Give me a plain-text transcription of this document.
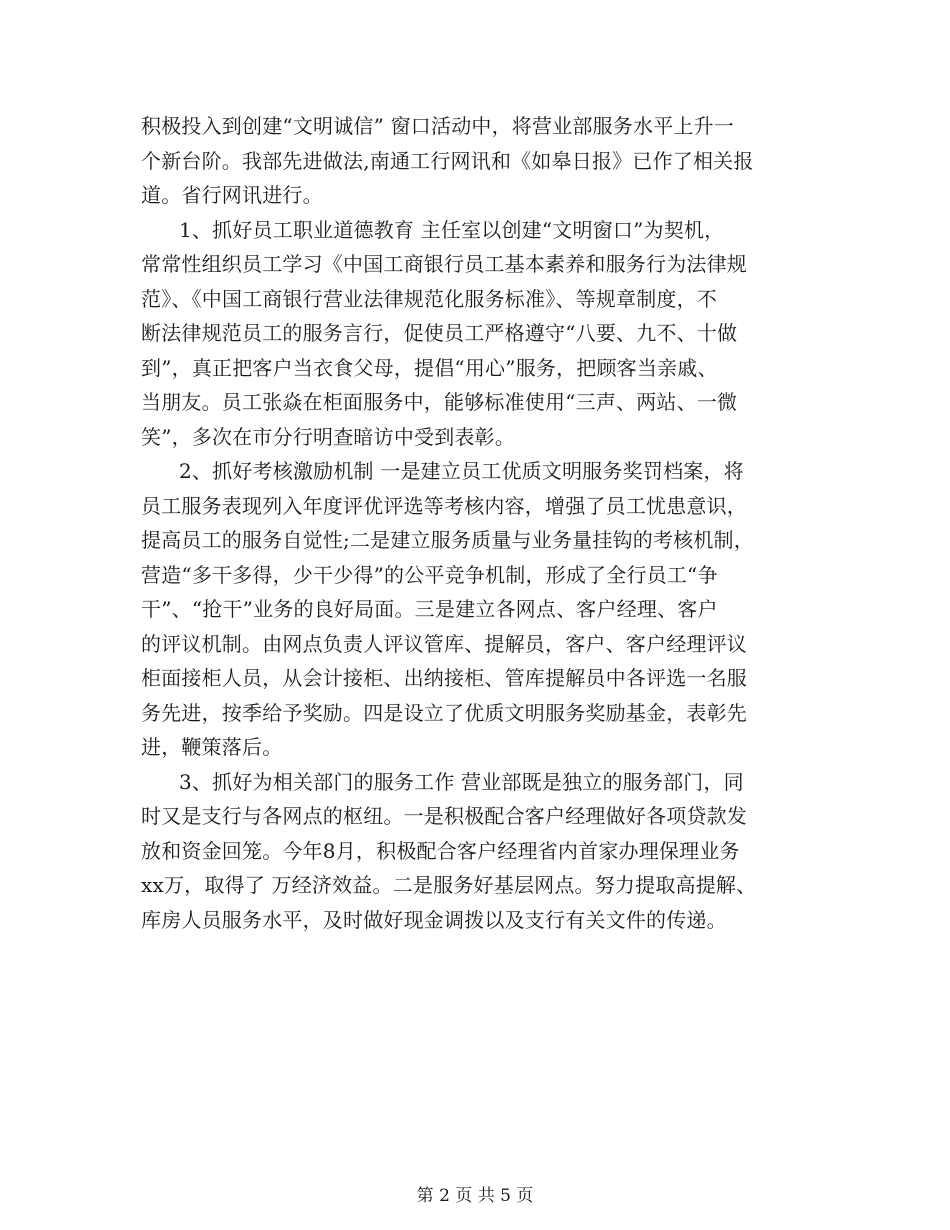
积极投入到创建“文明诚信” 窗口活动中，将营业部服务水平上升一
个新台阶。我部先进做法,南通工行网讯和《如皋日报》已作了相关报
道。省行网讯进行。
1、抓好员工职业道德教育 主任室以创建“文明窗口”为契机，
常常性组织员工学习《中国工商银行员工基本素养和服务行为法律规
范》、《中国工商银行营业法律规范化服务标准》、等规章制度，不
断法律规范员工的服务言行，促使员工严格遵守“八要、九不、十做
到”，真正把客户当衣食父母，提倡“用心”服务，把顾客当亲戚、
当朋友。员工张焱在柜面服务中，能够标准使用“三声、两站、一微
笑”，多次在市分行明查暗访中受到表彰。
2、抓好考核激励机制 一是建立员工优质文明服务奖罚档案，将
员工服务表现列入年度评优评选等考核内容，增强了员工忧患意识，
提高员工的服务自觉性;二是建立服务质量与业务量挂钩的考核机制，
营造“多干多得，少干少得”的公平竞争机制，形成了全行员工“争
干”、“抢干”业务的良好局面。三是建立各网点、客户经理、客户
的评议机制。由网点负责人评议管库、提解员，客户、客户经理评议
柜面接柜人员，从会计接柜、出纳接柜、管库提解员中各评选一名服
务先进，按季给予奖励。四是设立了优质文明服务奖励基金，表彰先
进，鞭策落后。
3、抓好为相关部门的服务工作 营业部既是独立的服务部门，同
时又是支行与各网点的枢纽。一是积极配合客户经理做好各项贷款发
放和资金回笼。今年8月，积极配合客户经理省内首家办理保理业务
xx万，取得了 万经济效益。二是服务好基层网点。努力提取高提解、
库房人员服务水平，及时做好现金调拨以及支行有关文件的传递。
第 2 页 共 5 页
